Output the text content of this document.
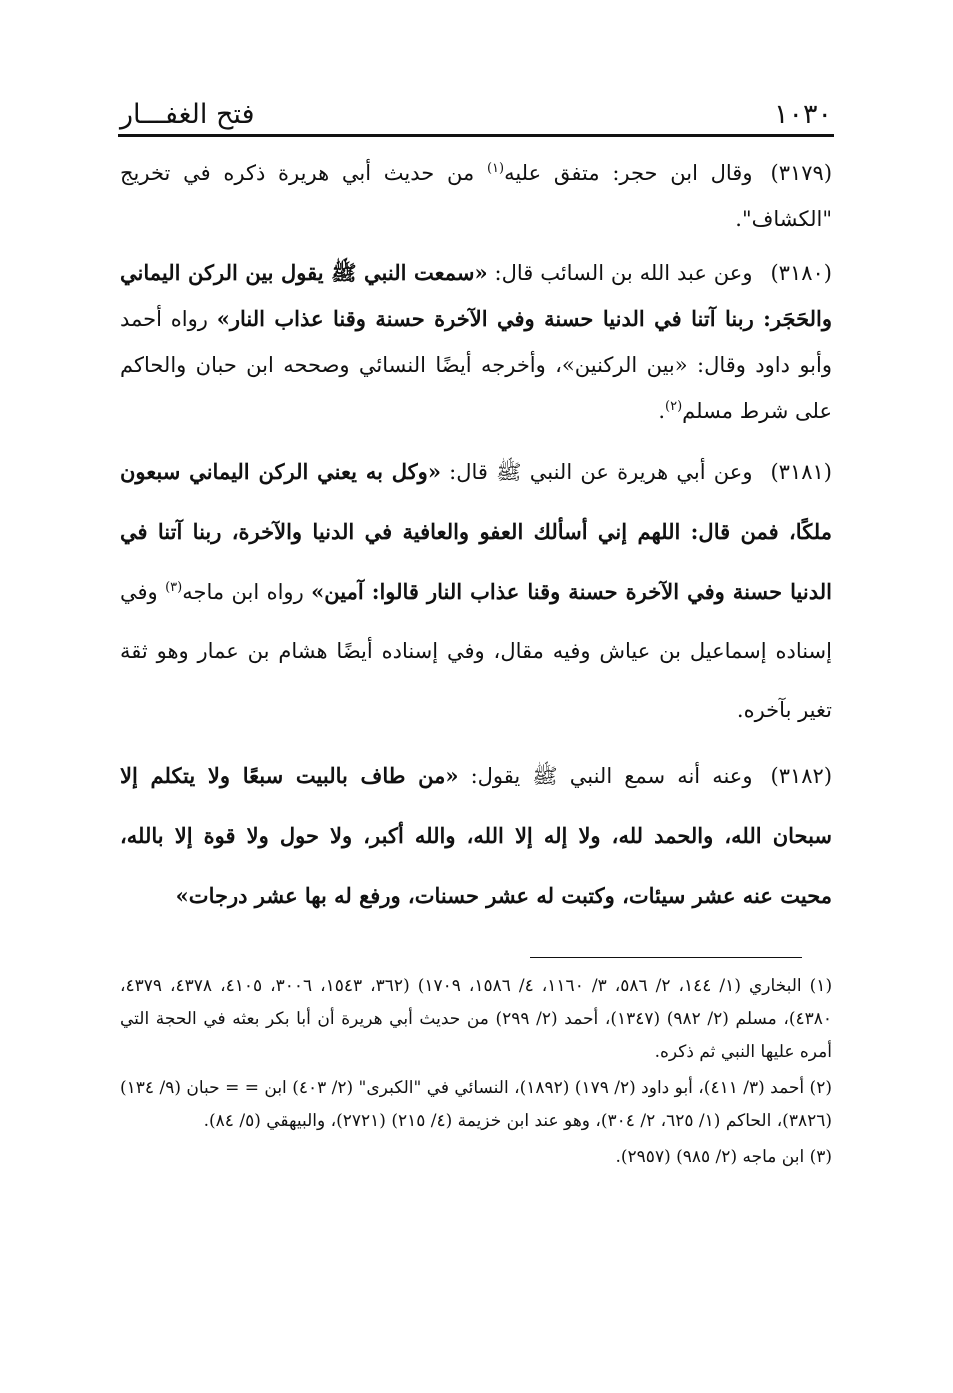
١٠٣٠
فتح الغفـــار

(٣١٧٩)وقال ابن حجر: متفق عليه$^{(١)}$ من حديث أبي هريرة ذكره في تخريج "الكشاف".

(٣١٨٠)وعن عبد الله بن السائب قال: «سمعت النبي ﷺ يقول بين الركن اليماني والحَجَر: ربنا آتنا في الدنيا حسنة وفي الآخرة حسنة وقنا عذاب النار» رواه أحمد وأبو داود وقال: «بين الركنين»، وأخرجه أيضًا النسائي وصححه ابن حبان والحاكم على شرط مسلم$^{(٢)}$.

(٣١٨١)وعن أبي هريرة عن النبي ﷺ قال: «وكل به يعني الركن اليماني سبعون ملكًا، فمن قال: اللهم إني أسألك العفو والعافية في الدنيا والآخرة، ربنا آتنا في الدنيا حسنة وفي الآخرة حسنة وقنا عذاب النار قالوا: آمين» رواه ابن ماجه$^{(٣)}$ وفي إسناده إسماعيل بن عياش وفيه مقال، وفي إسناده أيضًا هشام بن عمار وهو ثقة تغير بآخره.

(٣١٨٢)وعنه أنه سمع النبي ﷺ يقول: «من طاف بالبيت سبعًا ولا يتكلم إلا سبحان الله، والحمد لله، ولا إله إلا الله، والله أكبر، ولا حول ولا قوة إلا بالله، محيت عنه عشر سيئات، وكتبت له عشر حسنات، ورفع له بها عشر درجات»

(١) البخاري (١/ ١٤٤، ٢/ ٥٨٦، ٣/ ١١٦٠، ٤/ ١٥٨٦، ١٧٠٩) (٣٦٢، ١٥٤٣، ٣٠٠٦، ٤١٠٥، ٤٣٧٨، ٤٣٧٩، ٤٣٨٠)، مسلم (٢/ ٩٨٢) (١٣٤٧)، أحمد (٢/ ٢٩٩) من حديث أبي هريرة أن أبا بكر بعثه في الحجة التي أمره عليها النبي ثم ذكره.

(٢) أحمد (٣/ ٤١١)، أبو داود (٢/ ١٧٩) (١٨٩٢)، النسائي في "الكبرى" (٢/ ٤٠٣) ابن = = حبان (٩/ ١٣٤) (٣٨٢٦)، الحاكم (١/ ٦٢٥، ٢/ ٣٠٤)، وهو عند ابن خزيمة (٤/ ٢١٥) (٢٧٢١)، والبيهقي (٥/ ٨٤).

(٣) ابن ماجه (٢/ ٩٨٥) (٢٩٥٧).
